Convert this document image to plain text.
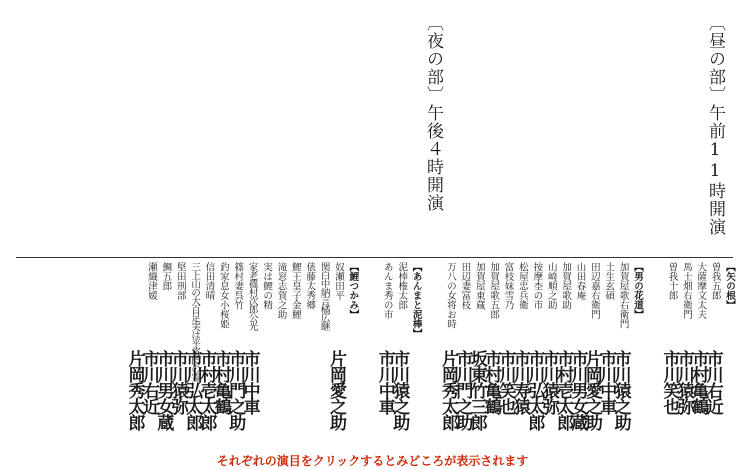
〔昼の部〕午前11時開演
〔夜の部〕午後４時開演
【矢の根】
曽我五郎
市川右近
大薩摩文太夫
市村亀鶴
馬士畑右衛門
市川猿弥
曽我十郎
市川笑也
【男の花道】
加賀屋歌右衛門
市川猿之助
土生玄碩
市川中車
田辺嘉右衛門
片岡愛之助
山田春庵
市川男女蔵
加賀屋歌助
市村壱太郎
山崎順之助
市川猿弥
按摩杢の市
市川弘太郎
松屋忠兵衛
市川寿猿
富枝妹雪乃
市川笑也
加賀屋歌五郎
市村亀鶴
加賀屋東蔵
坂東竹三郎
田辺妻富枝
市川門之助
万八の女将お時
片岡秀太郎
【あんまと泥棒】
泥棒権太郎
市川猿之助
あんま秀の市
市川中車
【鯉つかみ】
奴瀬田平
片岡愛之助
関白中納言橘広継
俵藤太秀郷
鯉王皇子金鯉
滝窓志賀之助
実は鯉の精
家老篠村次郎公光
市川中車
篠村妻呉竹
市川門之助
釣家息女小桜姫
市村亀鶴
信田清晴
市村壱太郎
三上山の大百足実は平将門の霊
市川弘太郎
堅田刑部
市川猿弥
鯛五郎
市川男女蔵
瀬織津媛
市川右近
片岡秀太郎
それぞれの演目をクリックするとみどころが表示されます
